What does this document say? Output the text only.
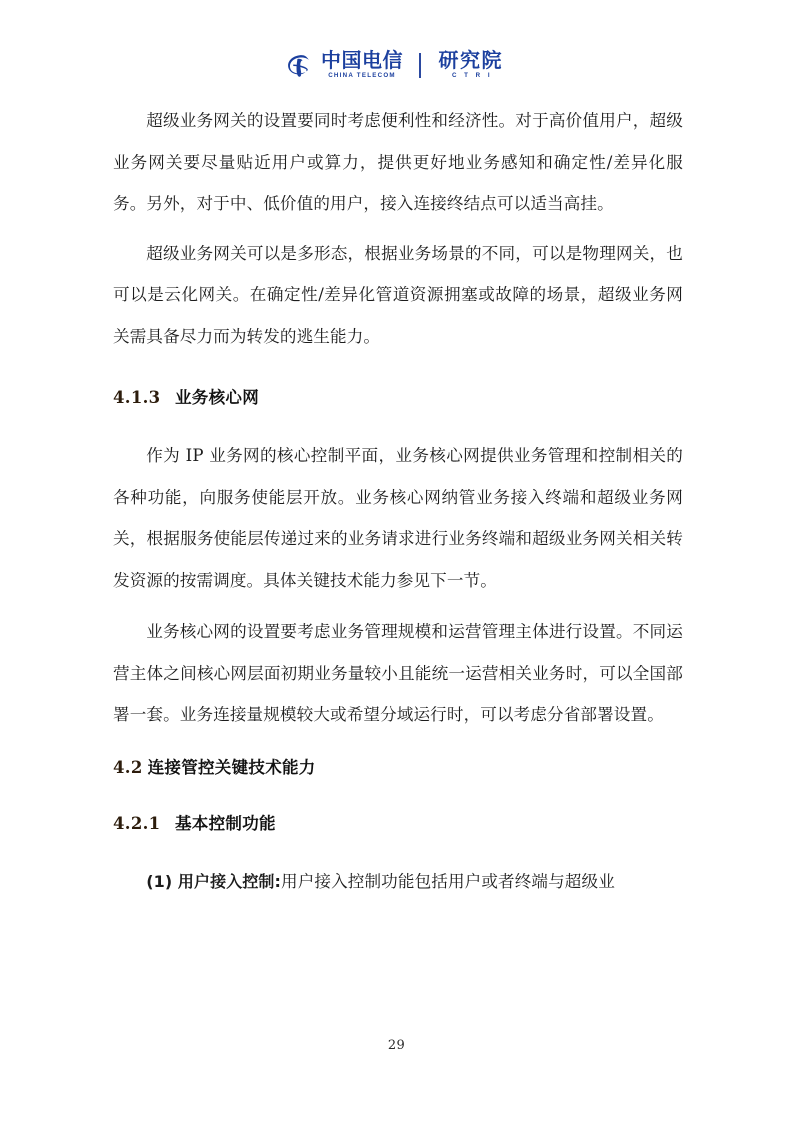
中国电信
CHINA TELECOM
研究院
C T R I

超级业务网关的设置要同时考虑便利性和经济性。对于高价值用户，超级业务网关要尽量贴近用户或算力，提供更好地业务感知和确定性/差异化服务。另外，对于中、低价值的用户，接入连接终结点可以适当高挂。

超级业务网关可以是多形态，根据业务场景的不同，可以是物理网关，也可以是云化网关。在确定性/差异化管道资源拥塞或故障的场景，超级业务网关需具备尽力而为转发的逃生能力。

4.1.3 业务核心网

作为 IP 业务网的核心控制平面，业务核心网提供业务管理和控制相关的各种功能，向服务使能层开放。业务核心网纳管业务接入终端和超级业务网关，根据服务使能层传递过来的业务请求进行业务终端和超级业务网关相关转发资源的按需调度。具体关键技术能力参见下一节。

业务核心网的设置要考虑业务管理规模和运营管理主体进行设置。不同运营主体之间核心网层面初期业务量较小且能统一运营相关业务时，可以全国部署一套。业务连接量规模较大或希望分域运行时，可以考虑分省部署设置。

4.2 连接管控关键技术能力
4.2.1 基本控制功能

(1) 用户接入控制:用户接入控制功能包括用户或者终端与超级业

29
